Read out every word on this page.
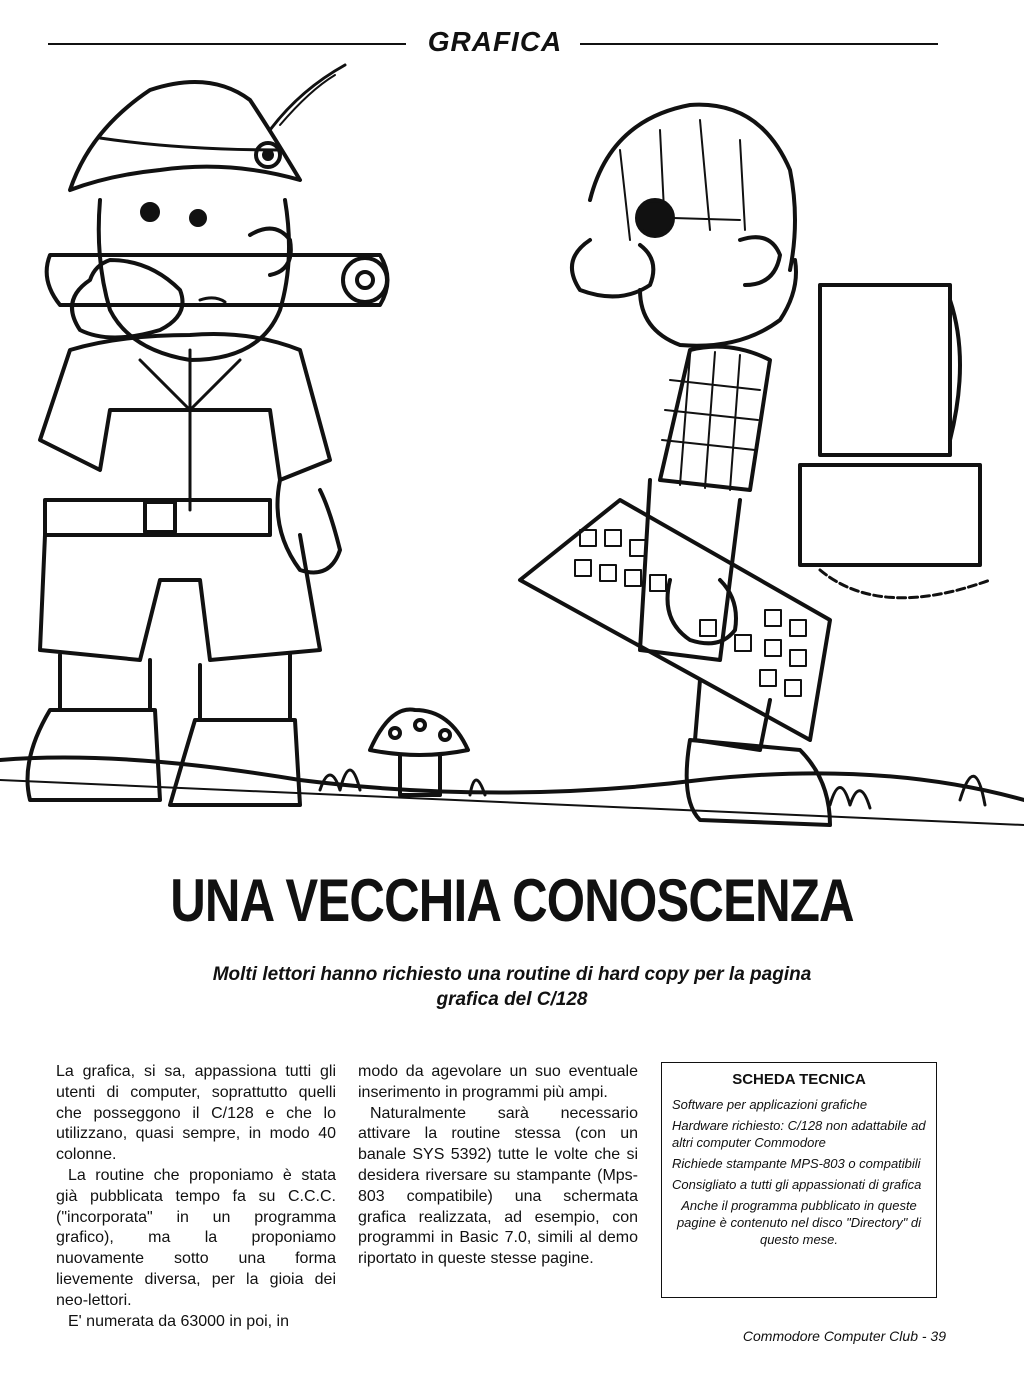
GRAFICA
UNA VECCHIA CONOSCENZA
Molti lettori hanno richiesto una routine di hard copy per la pagina
grafica del C/128

La grafica, si sa, appassiona tutti gli utenti di computer, soprattutto quelli che posseggono il C/128 e che lo utilizzano, quasi sempre, in modo 40 colonne.

La routine che proponiamo è stata già pubblicata tempo fa su C.C.C. ("incorporata" in un programma grafico), ma la proponiamo nuovamente sotto una forma lievemente diversa, per la gioia dei neo-lettori.

E' numerata da 63000 in poi, in

modo da agevolare un suo eventuale inserimento in programmi più ampi.

Naturalmente sarà necessario attivare la routine stessa (con un banale SYS 5392) tutte le volte che si desidera riversare su stampante (Mps-803 compatibile) una schermata grafica realizzata, ad esempio, con programmi in Basic 7.0, simili al demo riportato in queste stesse pagine.

SCHEDA TECNICA

Software per applicazioni grafiche

Hardware richiesto: C/128 non adattabile ad altri computer Commodore

Richiede stampante MPS-803 o compatibili

Consigliato a tutti gli appassionati di grafica

Anche il programma pubblicato in queste pagine è contenuto nel disco "Directory" di questo mese.

Commodore Computer Club - 39
